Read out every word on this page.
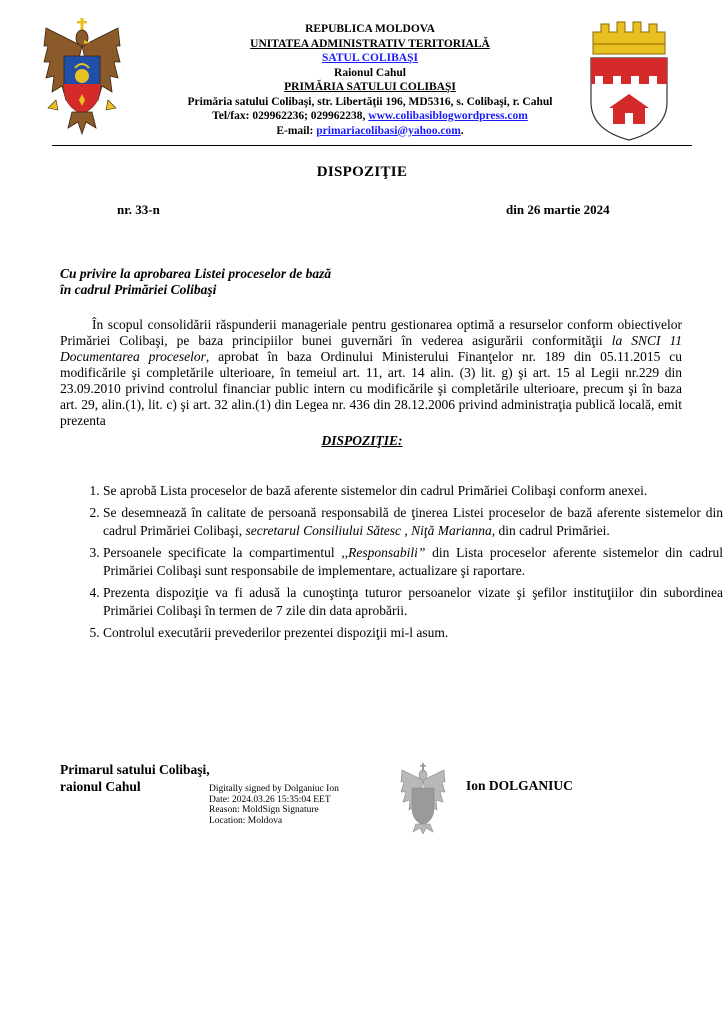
REPUBLICA MOLDOVA
UNITATEA ADMINISTRATIV TERITORIALĂ
SATUL COLIBAŞI
Raionul Cahul
PRIMĂRIA SATULUI COLIBAŞI
Primăria satului Colibaşi, str. Libertăţii 196, MD5316, s. Colibaşi, r. Cahul
Tel/fax: 029962236; 029962238, www.colibasiblogwordpress.com
E-mail: primariacolibasi@yahoo.com.
DISPOZIŢIE
nr. 33-n	din 26 martie 2024
Cu privire la aprobarea Listei proceselor de bază
în cadrul Primăriei Colibaşi
În scopul consolidării răspunderii manageriale pentru gestionarea optimă a resurselor conform obiectivelor Primăriei Colibaşi, pe baza principiilor bunei guvernări în vederea asigurării conformităţii la SNCI 11 Documentarea proceselor, aprobat în baza Ordinului Ministerului Finanţelor nr. 189 din 05.11.2015 cu modificările şi completările ulterioare, în temeiul art. 11, art. 14 alin. (3) lit. g) şi art. 15 al Legii nr.229 din 23.09.2010 privind controlul financiar public intern cu modificările şi completările ulterioare, precum şi în baza art. 29, alin.(1), lit. c) şi art. 32 alin.(1) din Legea nr. 436 din 28.12.2006 privind administraţia publică locală, emit prezenta
DISPOZIŢIE:
1. Se aprobă Lista proceselor de bază aferente sistemelor din cadrul Primăriei Colibaşi conform anexei.
2. Se desemnează în calitate de persoană responsabilă de ţinerea Listei proceselor de bază aferente sistemelor din cadrul Primăriei Colibaşi, secretarul Consiliului Sătesc , Niţă Marianna, din cadrul Primăriei.
3. Persoanele specificate la compartimentul ,,Responsabili” din Lista proceselor aferente sistemelor din cadrul Primăriei Colibaşi sunt responsabile de implementare, actualizare şi raportare.
4. Prezenta dispoziţie va fi adusă la cunoştinţa tuturor persoanelor vizate şi şefilor instituţiilor din subordinea Primăriei Colibaşi în termen de 7 zile din data aprobării.
5. Controlul executării prevederilor prezentei dispoziţii mi-l asum.
Primarul satului Colibaşi,
raionul Cahul	Digitally signed by Dolganiuc Ion
Date: 2024.03.26 15:35:04 EET
Reason: MoldSign Signature
Location: Moldova
Ion DOLGANIUC
